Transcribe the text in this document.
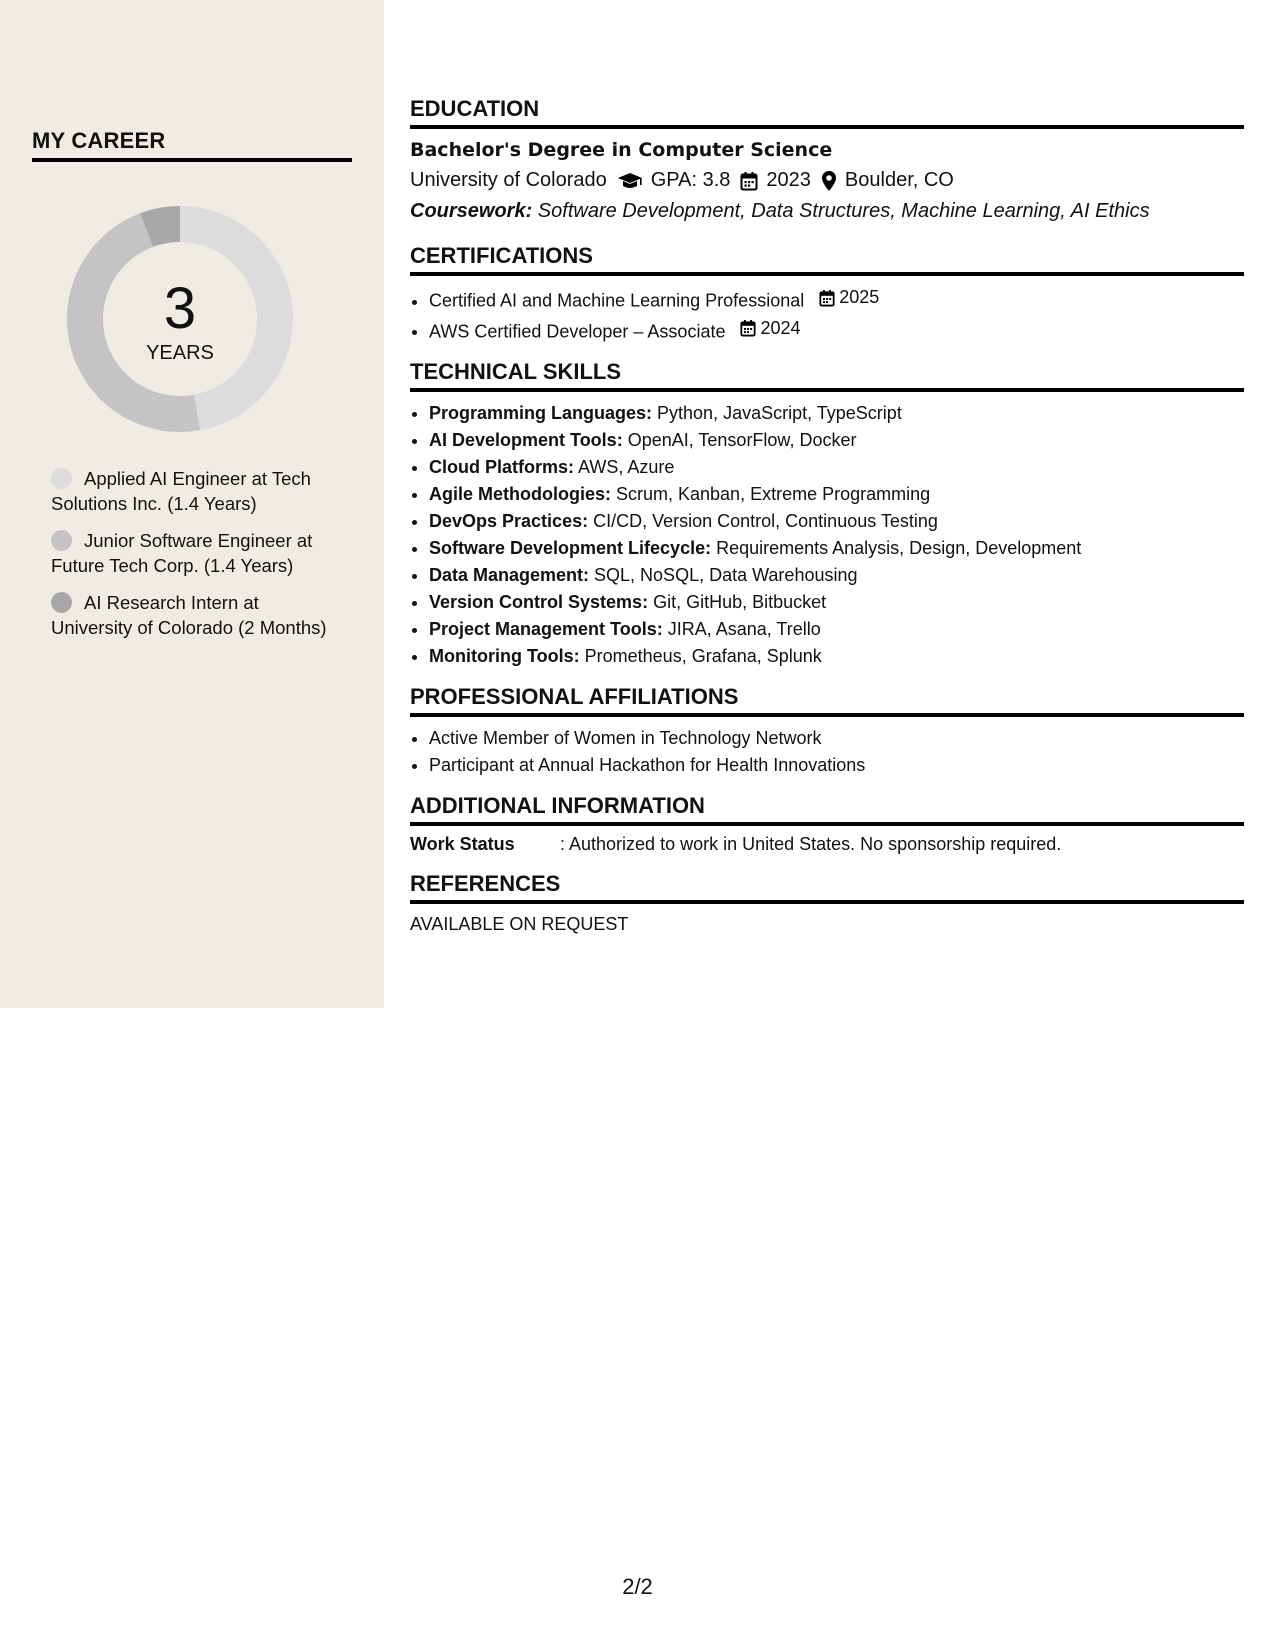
MY CAREER
3
YEARS
Applied AI Engineer at Tech Solutions Inc. (1.4 Years)
Junior Software Engineer at Future Tech Corp. (1.4 Years)
AI Research Intern at University of Colorado (2 Months)
EDUCATION
Bachelor's Degree in Computer Science
University of Colorado GPA: 3.8 2023 Boulder, CO
Coursework: Software Development, Data Structures, Machine Learning, AI Ethics
CERTIFICATIONS
• Certified AI and Machine Learning Professional 2025
• AWS Certified Developer – Associate 2024
TECHNICAL SKILLS
• Programming Languages: Python, JavaScript, TypeScript
• AI Development Tools: OpenAI, TensorFlow, Docker
• Cloud Platforms: AWS, Azure
• Agile Methodologies: Scrum, Kanban, Extreme Programming
• DevOps Practices: CI/CD, Version Control, Continuous Testing
• Software Development Lifecycle: Requirements Analysis, Design, Development
• Data Management: SQL, NoSQL, Data Warehousing
• Version Control Systems: Git, GitHub, Bitbucket
• Project Management Tools: JIRA, Asana, Trello
• Monitoring Tools: Prometheus, Grafana, Splunk
PROFESSIONAL AFFILIATIONS
• Active Member of Women in Technology Network
• Participant at Annual Hackathon for Health Innovations
ADDITIONAL INFORMATION
Work Status	: Authorized to work in United States. No sponsorship required.
REFERENCES
AVAILABLE ON REQUEST
2/2
